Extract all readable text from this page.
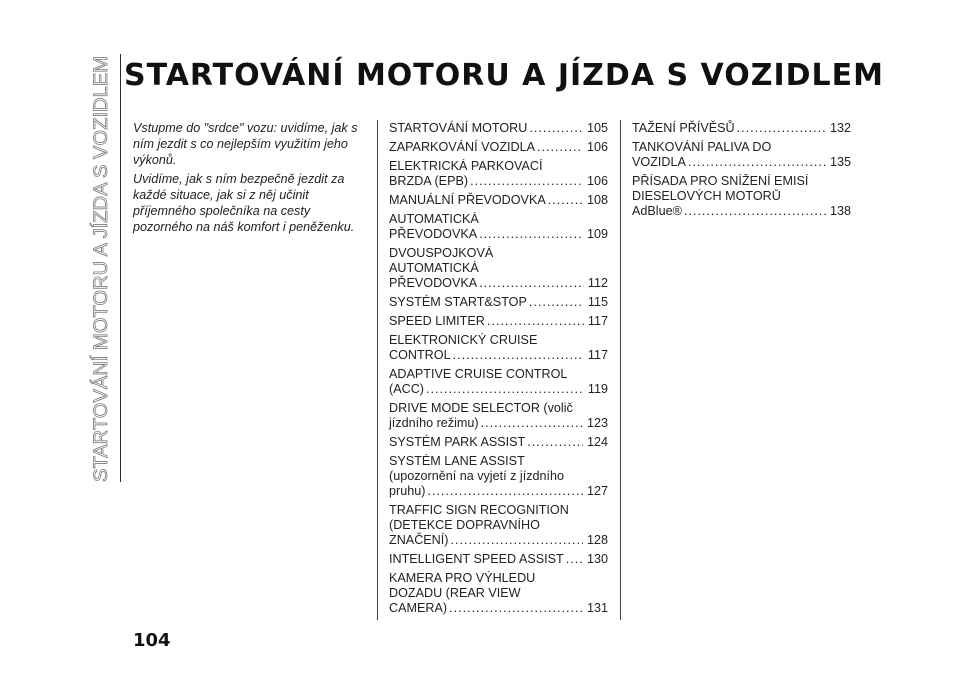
STARTOVÁNÍ MOTORU A JÍZDA S VOZIDLEM STARTOVÁNÍ MOTORU A JÍZDA S VOZIDLEM

Vstupme do "srdce" vozu: uvidíme, jak s ním jezdit s co nejlepším využitím jeho výkonů.

Uvidíme, jak s ním bezpečně jezdit za každé situace, jak si z něj učinit příjemného společníka na cesty pozorného na náš komfort i peněženku.

STARTOVÁNÍ MOTORU .....	105
ZAPARKOVÁNÍ VOZIDLA .....	106
ELEKTRICKÁ PARKOVACÍ
BRZDA (EPB) .....	106
MANUÁLNÍ PŘEVODOVKA .....	108
AUTOMATICKÁ
PŘEVODOVKA .....	109
DVOUSPOJKOVÁ
AUTOMATICKÁ
PŘEVODOVKA .....	112
SYSTÉM START&STOP .....	115
SPEED LIMITER .....	117
ELEKTRONICKÝ CRUISE
CONTROL .....	117
ADAPTIVE CRUISE CONTROL
(ACC) .....	119
DRIVE MODE SELECTOR (volič
jízdního režimu) .....	123
SYSTÉM PARK ASSIST .....	124
SYSTÉM LANE ASSIST
(upozornění na vyjetí z jízdního
pruhu) .....	127
TRAFFIC SIGN RECOGNITION
(DETEKCE DOPRAVNÍHO
ZNAČENÍ) .....	128
INTELLIGENT SPEED ASSIST ..... 130
KAMERA PRO VÝHLEDU
DOZADU (REAR VIEW
CAMERA) .....	131
TAŽENÍ PŘÍVĚSŮ .....	132
TANKOVÁNÍ PALIVA DO
VOZIDLA .....	135
PŘÍSADA PRO SNÍŽENÍ EMISÍ
DIESELOVÝCH MOTORŮ
AdBlue® .....	138
104
